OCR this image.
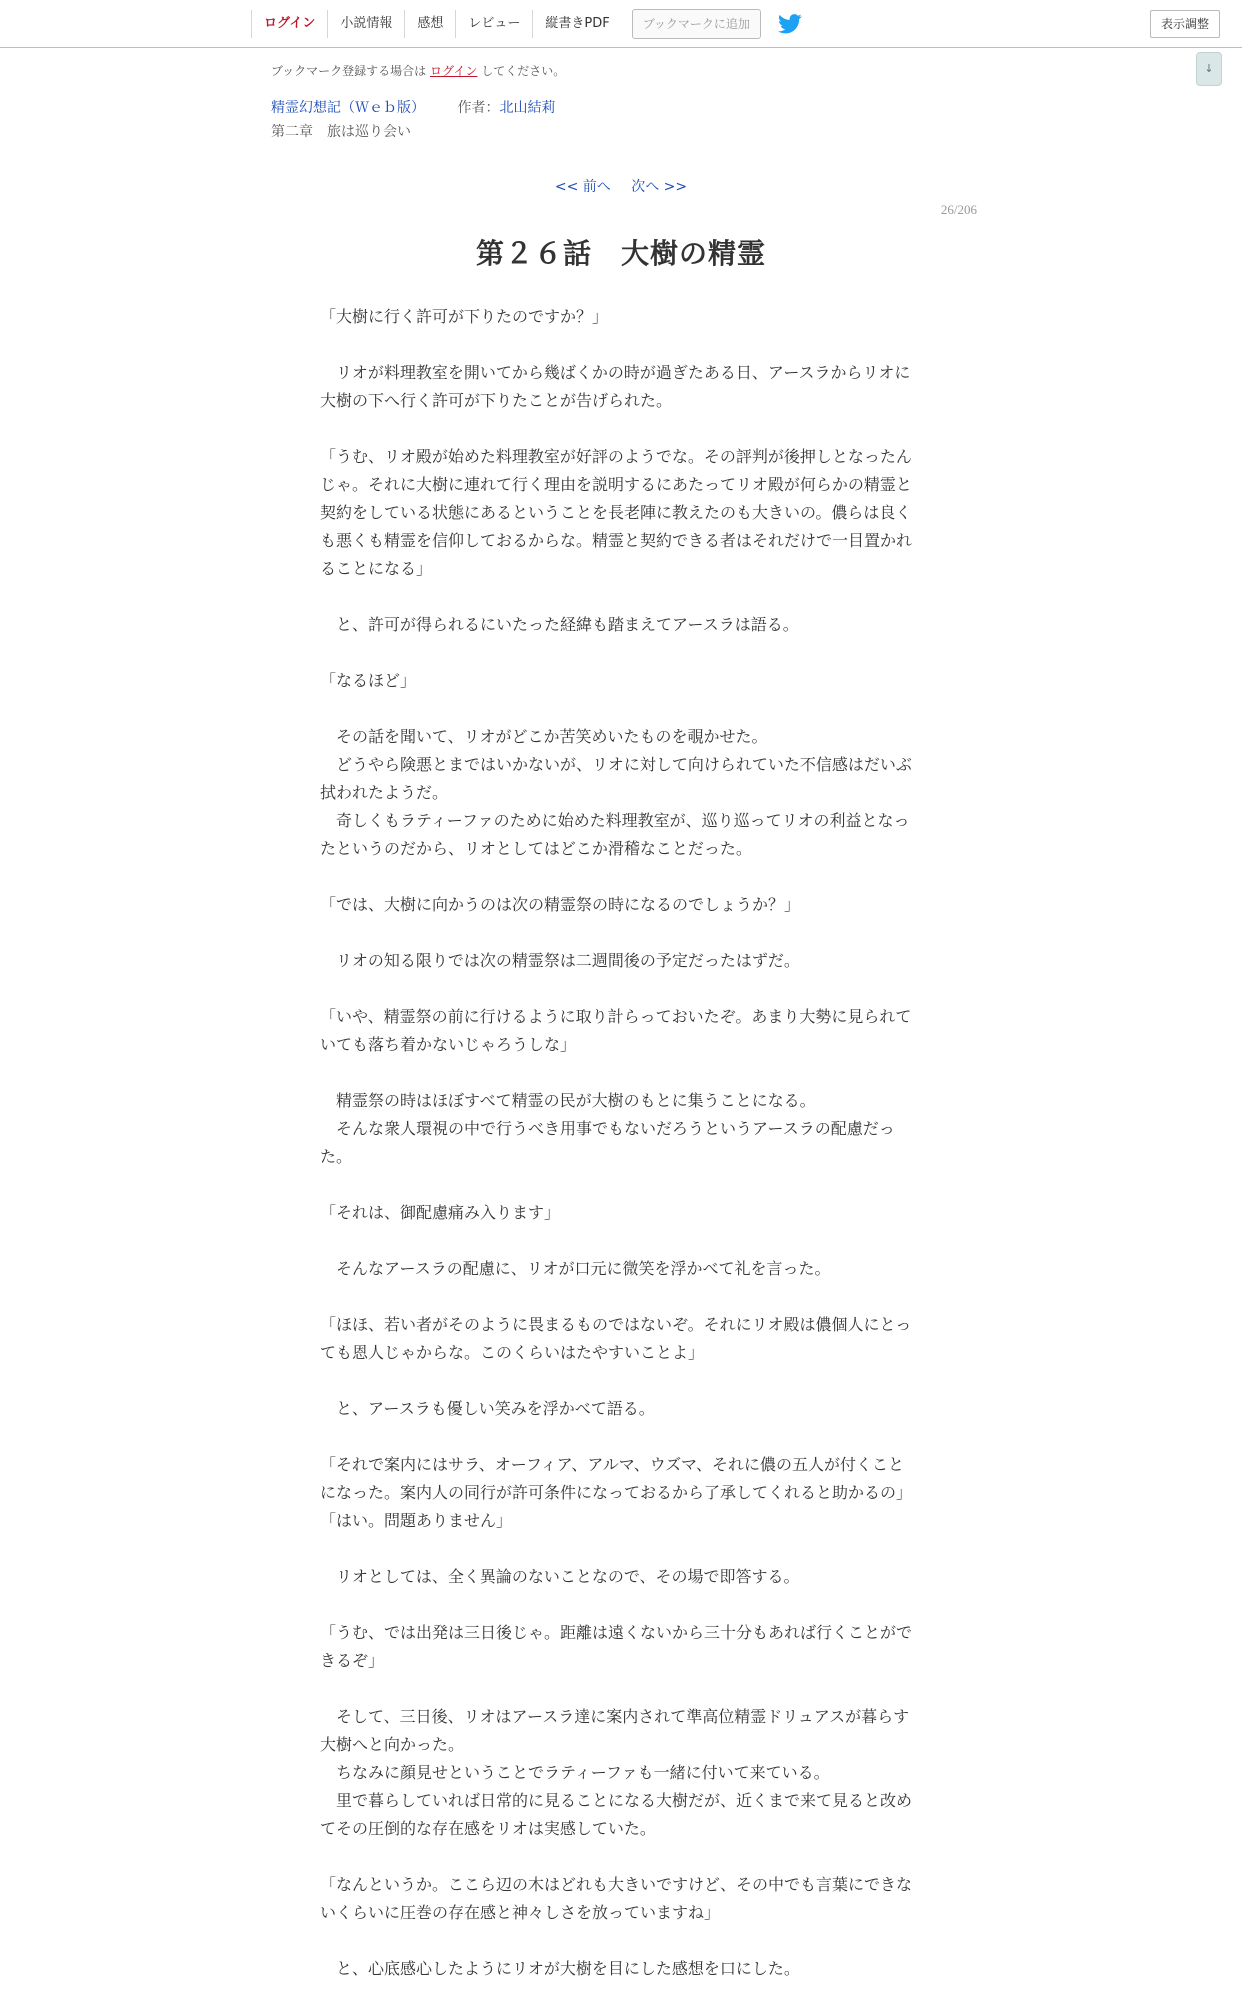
ログイン	小説情報	感想	レビュー	縦書きPDF	ブックマークに追加	表示調整
↓
ブックマーク登録する場合は ログイン してください。
精霊幻想記（Ｗｅｂ版） 作者：北山結莉
第二章　旅は巡り会い
<< 前へ 次へ >>
26/206
第２６話　大樹の精霊

「大樹に行く許可が下りたのですか？」

　リオが料理教室を開いてから幾ばくかの時が過ぎたある日、アースラからリオに

大樹の下へ行く許可が下りたことが告げられた。

「うむ、リオ殿が始めた料理教室が好評のようでな。その評判が後押しとなったん

じゃ。それに大樹に連れて行く理由を説明するにあたってリオ殿が何らかの精霊と

契約をしている状態にあるということを長老陣に教えたのも大きいの。儂らは良く

も悪くも精霊を信仰しておるからな。精霊と契約できる者はそれだけで一目置かれ

ることになる」

　と、許可が得られるにいたった経緯も踏まえてアースラは語る。

「なるほど」

　その話を聞いて、リオがどこか苦笑めいたものを覗かせた。

　どうやら険悪とまではいかないが、リオに対して向けられていた不信感はだいぶ

拭われたようだ。

　奇しくもラティーファのために始めた料理教室が、巡り巡ってリオの利益となっ

たというのだから、リオとしてはどこか滑稽なことだった。

「では、大樹に向かうのは次の精霊祭の時になるのでしょうか？」

　リオの知る限りでは次の精霊祭は二週間後の予定だったはずだ。

「いや、精霊祭の前に行けるように取り計らっておいたぞ。あまり大勢に見られて

いても落ち着かないじゃろうしな」

　精霊祭の時はほぼすべて精霊の民が大樹のもとに集うことになる。

　そんな衆人環視の中で行うべき用事でもないだろうというアースラの配慮だっ

た。

「それは、御配慮痛み入ります」

　そんなアースラの配慮に、リオが口元に微笑を浮かべて礼を言った。

「ほほ、若い者がそのように畏まるものではないぞ。それにリオ殿は儂個人にとっ

ても恩人じゃからな。このくらいはたやすいことよ」

　と、アースラも優しい笑みを浮かべて語る。

「それで案内にはサラ、オーフィア、アルマ、ウズマ、それに儂の五人が付くこと

になった。案内人の同行が許可条件になっておるから了承してくれると助かるの」

「はい。問題ありません」

　リオとしては、全く異論のないことなので、その場で即答する。

「うむ、では出発は三日後じゃ。距離は遠くないから三十分もあれば行くことがで

きるぞ」

　そして、三日後、リオはアースラ達に案内されて準高位精霊ドリュアスが暮らす

大樹へと向かった。

　ちなみに顔見せということでラティーファも一緒に付いて来ている。

　里で暮らしていれば日常的に見ることになる大樹だが、近くまで来て見ると改め

てその圧倒的な存在感をリオは実感していた。

「なんというか。ここら辺の木はどれも大きいですけど、その中でも言葉にできな

いくらいに圧巻の存在感と神々しさを放っていますね」

　と、心底感心したようにリオが大樹を目にした感想を口にした。
